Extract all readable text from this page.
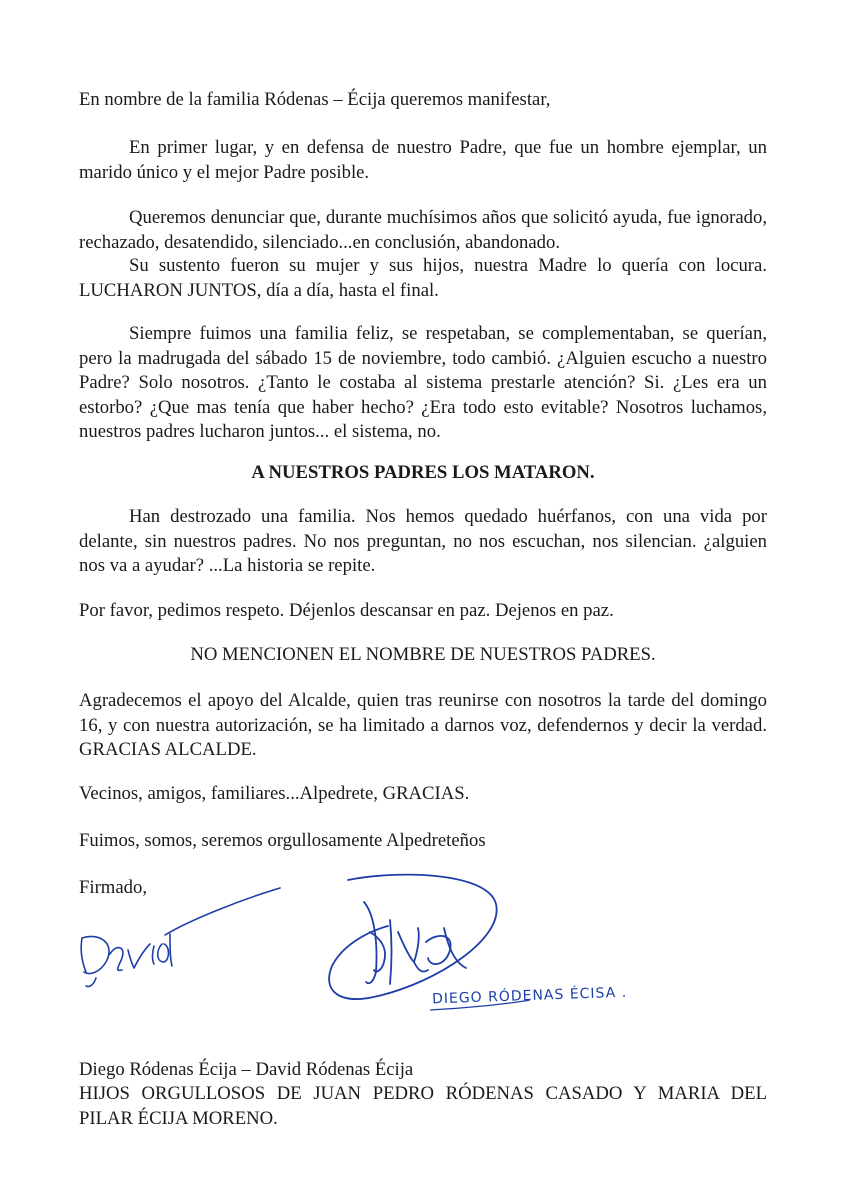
En nombre de la familia Ródenas – Écija queremos manifestar,
En primer lugar, y en defensa de nuestro Padre, que fue un hombre ejemplar, un marido único y el mejor Padre posible.
Queremos denunciar que, durante muchísimos años que solicitó ayuda, fue ignorado, rechazado, desatendido, silenciado...en conclusión, abandonado.
Su sustento fueron su mujer y sus hijos, nuestra Madre lo quería con locura. LUCHARON JUNTOS, día a día, hasta el final.
Siempre fuimos una familia feliz, se respetaban, se complementaban, se querían, pero la madrugada del sábado 15 de noviembre, todo cambió. ¿Alguien escucho a nuestro Padre? Solo nosotros. ¿Tanto le costaba al sistema prestarle atención? Si. ¿Les era un estorbo? ¿Que mas tenía que haber hecho? ¿Era todo esto evitable? Nosotros luchamos, nuestros padres lucharon juntos... el sistema, no.
A NUESTROS PADRES LOS MATARON.
Han destrozado una familia. Nos hemos quedado huérfanos, con una vida por delante, sin nuestros padres. No nos preguntan, no nos escuchan, nos silencian. ¿alguien nos va a ayudar? ...La historia se repite.
Por favor, pedimos respeto. Déjenlos descansar en paz. Dejenos en paz.
NO MENCIONEN EL NOMBRE DE NUESTROS PADRES.
Agradecemos el apoyo del Alcalde, quien tras reunirse con nosotros la tarde del domingo 16, y con nuestra autorización, se ha limitado a darnos voz, defendernos y decir la verdad. GRACIAS ALCALDE.
Vecinos, amigos, familiares...Alpedrete, GRACIAS.
Fuimos, somos, seremos orgullosamente Alpedreteños
Firmado,
DIEGO RÓDENAS ÉCISA .
Diego Ródenas Écija – David Ródenas Écija
HIJOS ORGULLOSOS DE JUAN PEDRO RÓDENAS CASADO Y MARIA DEL
PILAR ÉCIJA MORENO.
